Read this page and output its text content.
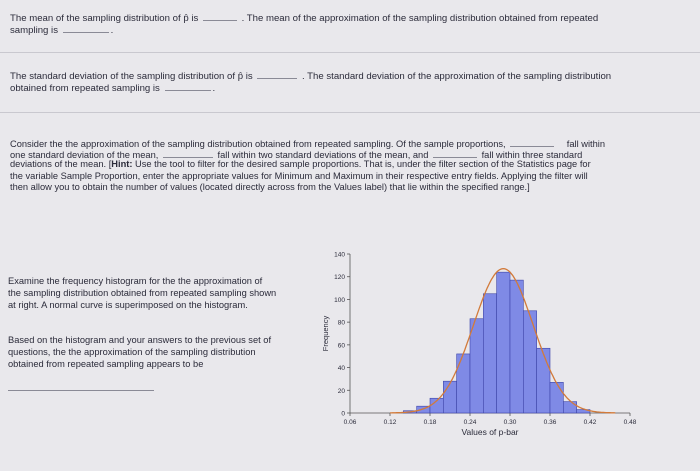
The mean of the sampling distribution of p̂ is	. The mean of the approximation of the sampling distribution obtained from repeated
sampling is	.
The standard deviation of the sampling distribution of p̂ is	. The standard deviation of the approximation of the sampling distribution
obtained from repeated sampling is	.
Consider the the approximation of the sampling distribution obtained from repeated sampling. Of the sample proportions,	fall within
one standard deviation of the mean,	fall within two standard deviations of the mean, and	fall within three standard
deviations of the mean. [Hint: Use the tool to filter for the desired sample proportions. That is, under the filter section of the Statistics page for
the variable Sample Proportion, enter the appropriate values for Minimum and Maximum in their respective entry fields. Applying the filter will
then allow you to obtain the number of values (located directly across from the Values label) that lie within the specified range.]
Examine the frequency histogram for the the approximation of
the sampling distribution obtained from repeated sampling shown
at right. A normal curve is superimposed on the histogram.
Based on the histogram and your answers to the previous set of
questions, the the approximation of the sampling distribution
obtained from repeated sampling appears to be
0
20
40
60
80
100
120
140
0.06	0.12	0.18	0.24	0.30	0.36	0.42	0.48
Values of p-bar
Frequency
